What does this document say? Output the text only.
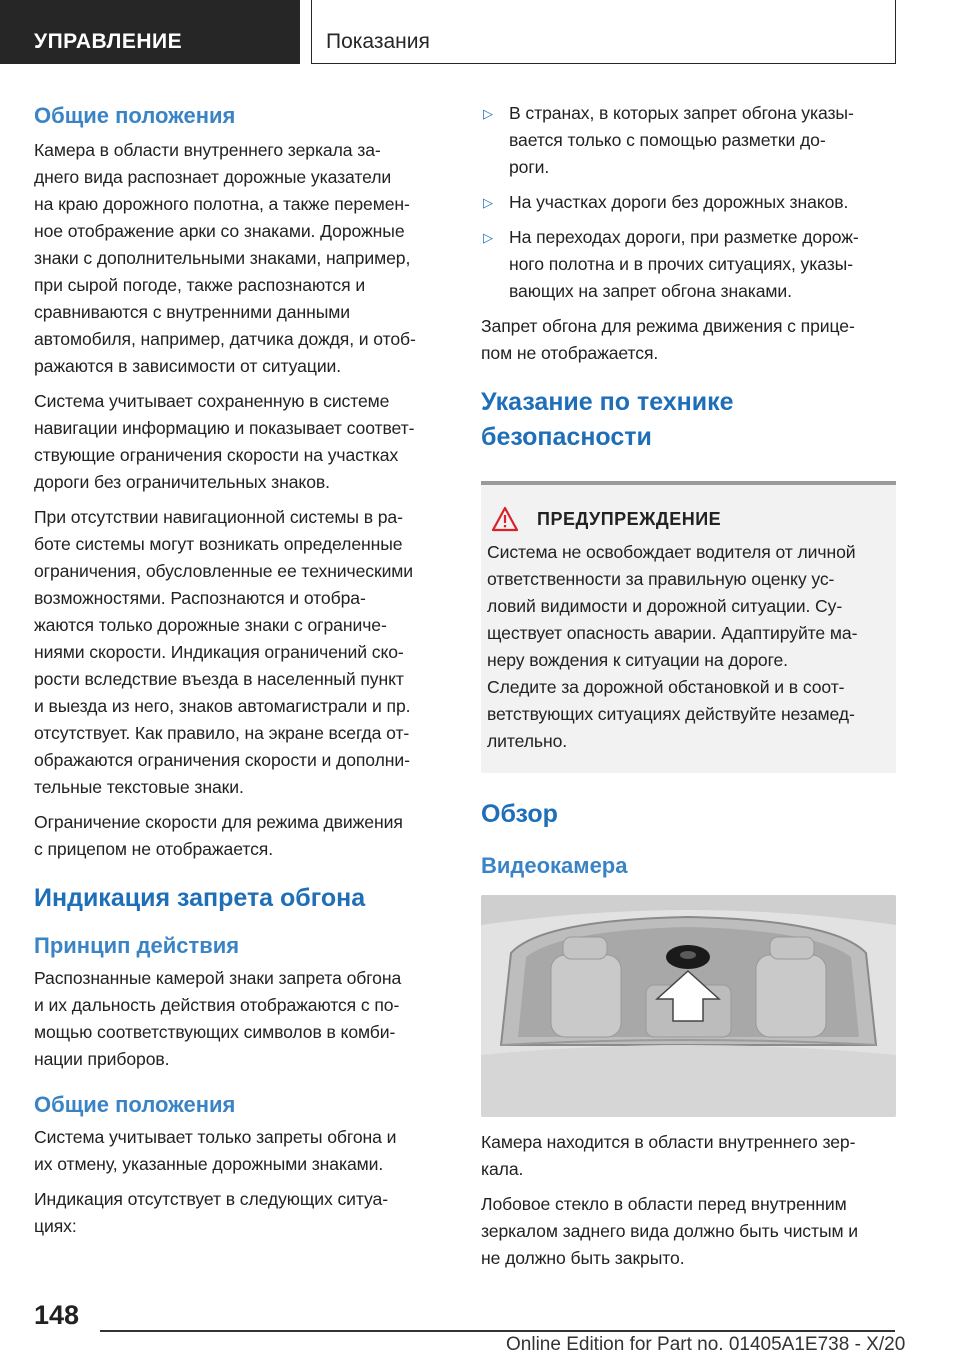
УПРАВЛЕНИЕ	Показания
Общие положения
Камера в области внутреннего зеркала за-
днего вида распознает дорожные указатели
на краю дорожного полотна, а также перемен-
ное отображение арки со знаками. Дорожные
знаки с дополнительными знаками, например,
при сырой погоде, также распознаются и
сравниваются с внутренними данными
автомобиля, например, датчика дождя, и отоб-
ражаются в зависимости от ситуации.
Система учитывает сохраненную в системе
навигации информацию и показывает соответ-
ствующие ограничения скорости на участках
дороги без ограничительных знаков.
При отсутствии навигационной системы в ра-
боте системы могут возникать определенные
ограничения, обусловленные ее техническими
возможностями. Распознаются и отобра-
жаются только дорожные знаки с ограниче-
ниями скорости. Индикация ограничений ско-
рости вследствие въезда в населенный пункт
и выезда из него, знаков автомагистрали и пр.
отсутствует. Как правило, на экране всегда от-
ображаются ограничения скорости и дополни-
тельные текстовые знаки.
Ограничение скорости для режима движения
с прицепом не отображается.
Индикация запрета обгона
Принцип действия
Распознанные камерой знаки запрета обгона
и их дальность действия отображаются с по-
мощью соответствующих символов в комби-
нации приборов.
Общие положения
Система учитывает только запреты обгона и
их отмену, указанные дорожными знаками.
Индикация отсутствует в следующих ситуа-
циях:
▷ В странах, в которых запрет обгона указы-
вается только с помощью разметки до-
роги.
▷ На участках дороги без дорожных знаков.
▷ На переходах дороги, при разметке дорож-
ного полотна и в прочих ситуациях, указы-
вающих на запрет обгона знаками.
Запрет обгона для режима движения с прице-
пом не отображается.
Указание по технике
безопасности
ПРЕДУПРЕЖДЕНИЕ
Система не освобождает водителя от личной
ответственности за правильную оценку ус-
ловий видимости и дорожной ситуации. Су-
ществует опасность аварии. Адаптируйте ма-
неру вождения к ситуации на дороге.
Следите за дорожной обстановкой и в соот-
ветствующих ситуациях действуйте незамед-
лительно.
Обзор
Видеокамера
Камера находится в области внутреннего зер-
кала.
Лобовое стекло в области перед внутренним
зеркалом заднего вида должно быть чистым и
не должно быть закрыто.
148
Online Edition for Part no. 01405A1E738 - X/20
